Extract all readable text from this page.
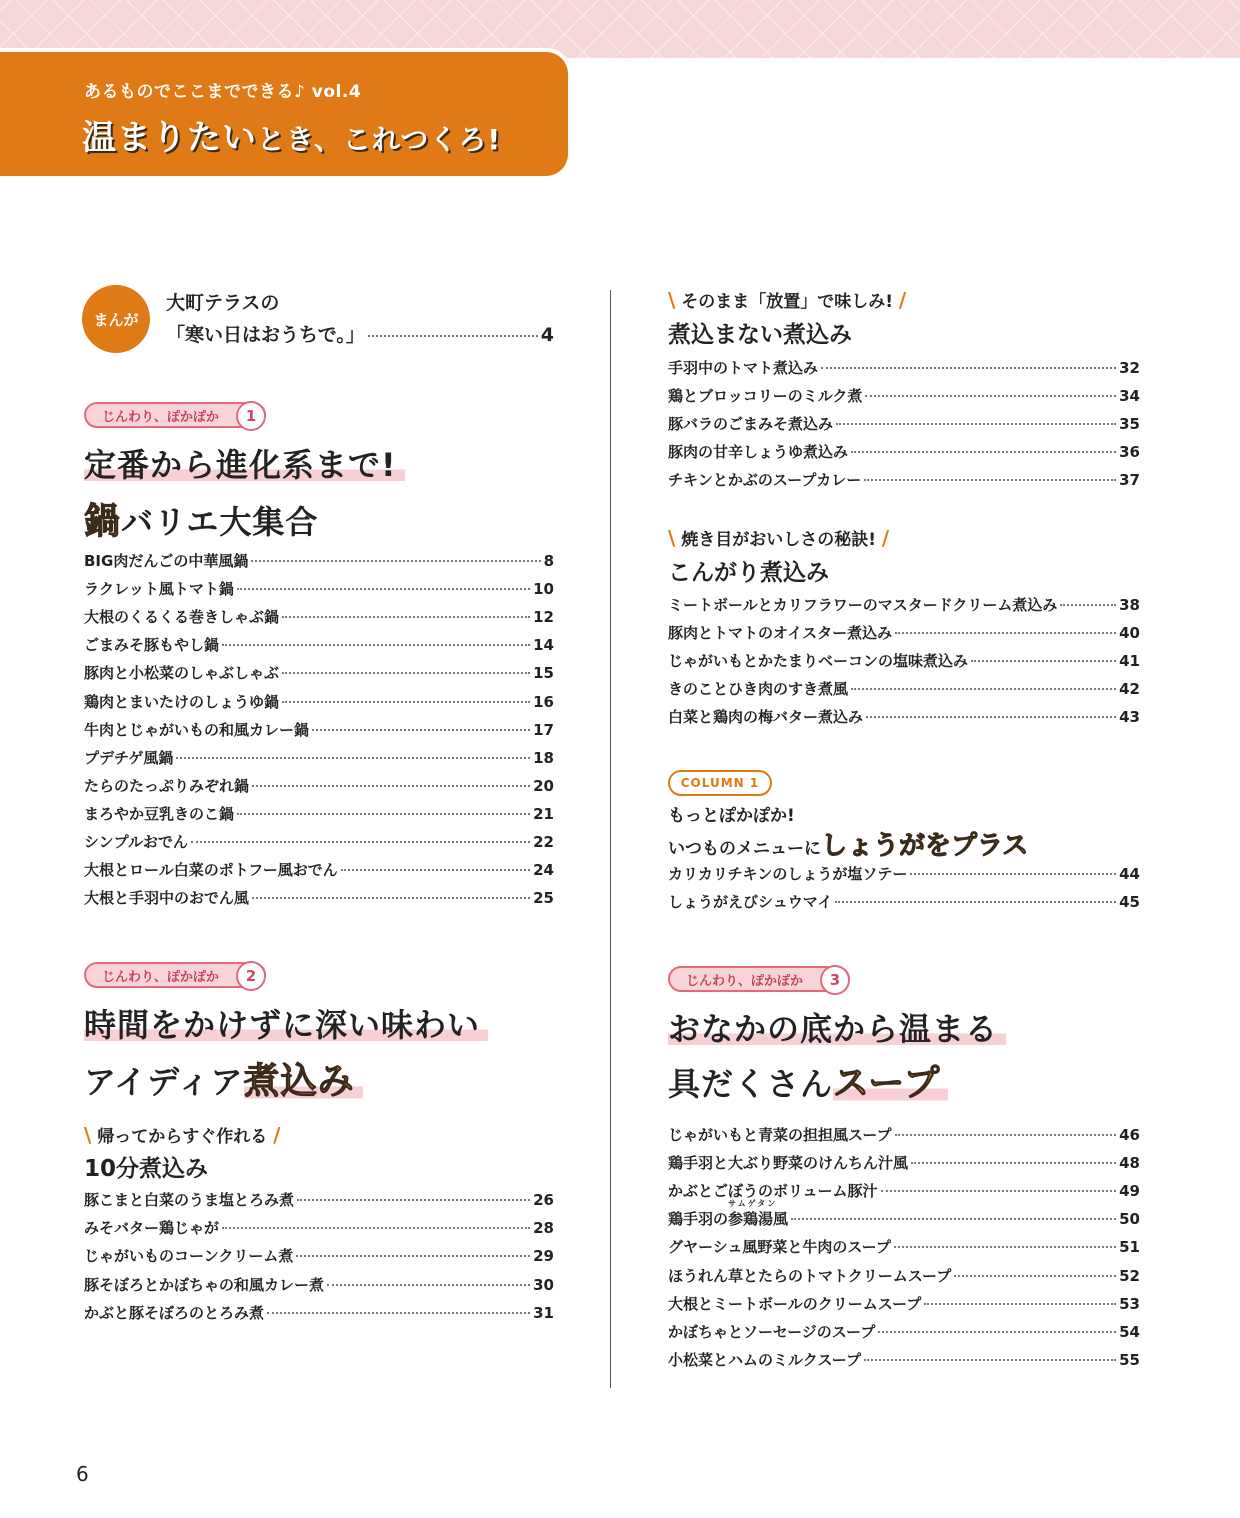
あるものでここまでできる♪ vol.4
温まりたいとき、これつくろ!
まんが
大町テラスの
「寒い日はおうちで。」	4
じんわり、ぽかぽか	1
定番から進化系まで!
鍋バリエ大集合
BIG肉だんごの中華風鍋	8
ラクレット風トマト鍋	10
大根のくるくる巻きしゃぶ鍋	12
ごまみそ豚もやし鍋	14
豚肉と小松菜のしゃぶしゃぶ	15
鶏肉とまいたけのしょうゆ鍋	16
牛肉とじゃがいもの和風カレー鍋	17
プデチゲ風鍋	18
たらのたっぷりみぞれ鍋	20
まろやか豆乳きのこ鍋	21
シンプルおでん	22
大根とロール白菜のポトフー風おでん	24
大根と手羽中のおでん風	25
じんわり、ぽかぽか	2
時間をかけずに深い味わい
アイディア煮込み
\ 帰ってからすぐ作れる /
10分煮込み
豚こまと白菜のうま塩とろみ煮	26
みそバター鶏じゃが	28
じゃがいものコーンクリーム煮	29
豚そぼろとかぼちゃの和風カレー煮	30
かぶと豚そぼろのとろみ煮	31
\ そのまま「放置」で味しみ! /
煮込まない煮込み
手羽中のトマト煮込み	32
鶏とブロッコリーのミルク煮	34
豚バラのごまみそ煮込み	35
豚肉の甘辛しょうゆ煮込み	36
チキンとかぶのスープカレー	37
\ 焼き目がおいしさの秘訣! /
こんがり煮込み
ミートボールとカリフラワーのマスタードクリーム煮込み	38
豚肉とトマトのオイスター煮込み	40
じゃがいもとかたまりベーコンの塩味煮込み	41
きのことひき肉のすき煮風	42
白菜と鶏肉の梅バター煮込み	43
COLUMN 1
もっとぽかぽか!
いつものメニューにしょうがをプラス
カリカリチキンのしょうが塩ソテー	44
しょうがえびシュウマイ	45
じんわり、ぽかぽか	3
おなかの底から温まる
具だくさんスープ
じゃがいもと青菜の担担風スープ	46
鶏手羽と大ぶり野菜のけんちん汁風	48
かぶとごぼうのボリューム豚汁	49
鶏手羽の
サムゲタン
参鶏湯風	50
グヤーシュ風野菜と牛肉のスープ	51
ほうれん草とたらのトマトクリームスープ	52
大根とミートボールのクリームスープ	53
かぼちゃとソーセージのスープ	54
小松菜とハムのミルクスープ	55
6
